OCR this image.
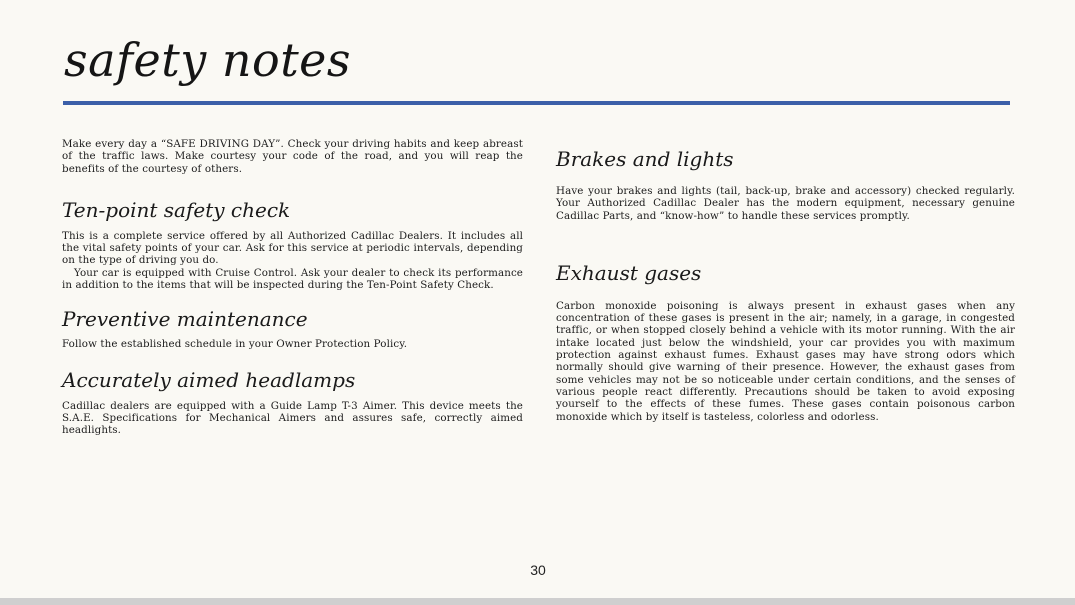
safety notes

Make every day a “SAFE DRIVING DAY”. Check your driving habits and keep abreast of the traffic laws. Make courtesy your code of the road, and you will reap the benefits of the courtesy of others.

Ten-point safety check

This is a complete service offered by all Authorized Cadillac Dealers. It includes all the vital safety points of your car. Ask for this service at periodic intervals, depending on the type of driving you do.

Your car is equipped with Cruise Control. Ask your dealer to check its performance in addition to the items that will be inspected during the Ten-Point Safety Check.

Preventive maintenance

Follow the established schedule in your Owner Protection Policy.

Accurately aimed headlamps

Cadillac dealers are equipped with a Guide Lamp T-3 Aimer. This device meets the S.A.E. Specifications for Mechanical Aimers and assures safe, correctly aimed headlights.

Brakes and lights

Have your brakes and lights (tail, back-up, brake and accessory) checked regularly. Your Authorized Cadillac Dealer has the modern equipment, necessary genuine Cadillac Parts, and “know-how” to handle these services promptly.

Exhaust gases

Carbon monoxide poisoning is always present in exhaust gases when any concentration of these gases is present in the air; namely, in a garage, in congested traffic, or when stopped closely behind a vehicle with its motor running. With the air intake located just below the windshield, your car provides you with maximum protection against exhaust fumes. Exhaust gases may have strong odors which normally should give warning of their presence. However, the exhaust gases from some vehicles may not be so noticeable under certain conditions, and the senses of various people react differently. Precautions should be taken to avoid exposing yourself to the effects of these fumes. These gases contain poisonous carbon monoxide which by itself is tasteless, colorless and odorless.

30
